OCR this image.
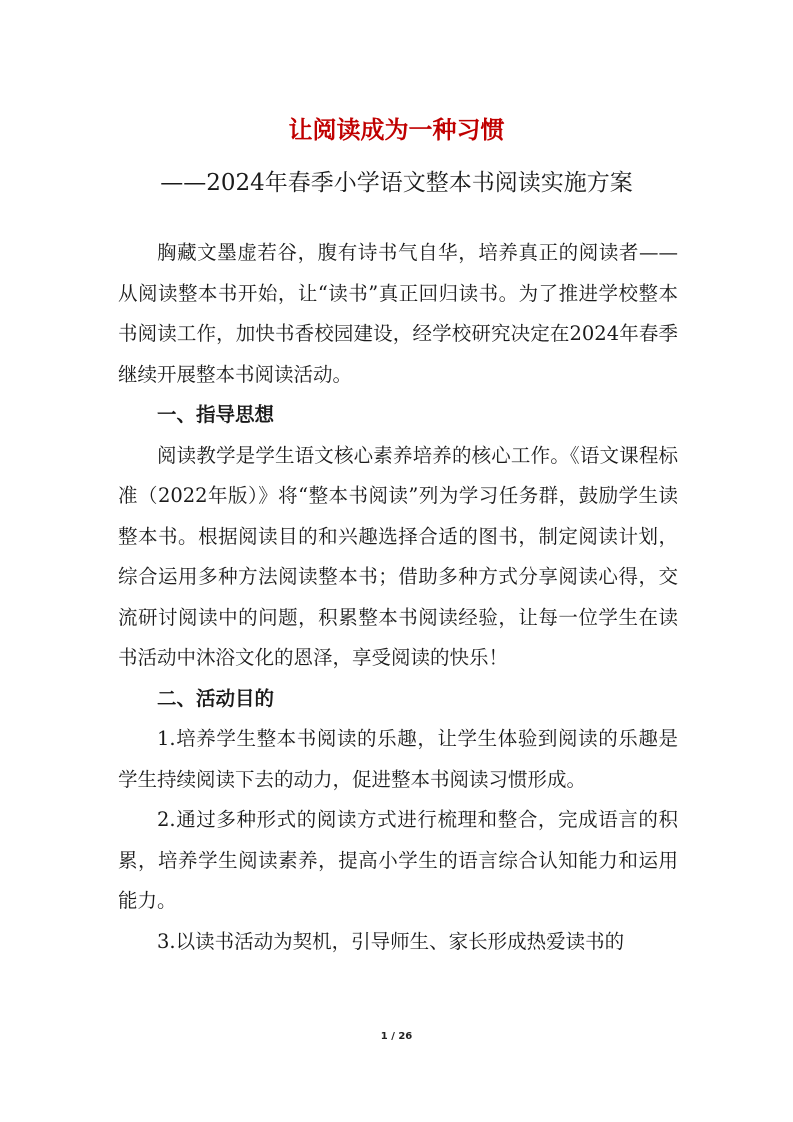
让阅读成为一种习惯
——2024年春季小学语文整本书阅读实施方案

胸藏文墨虚若谷，腹有诗书气自华，培养真正的阅读者——从阅读整本书开始，让“读书”真正回归读书。为了推进学校整本书阅读工作，加快书香校园建设，经学校研究决定在2024年春季继续开展整本书阅读活动。

一、指导思想

阅读教学是学生语文核心素养培养的核心工作。《语文课程标准（2022年版）》将“整本书阅读”列为学习任务群，鼓励学生读整本书。根据阅读目的和兴趣选择合适的图书，制定阅读计划，综合运用多种方法阅读整本书；借助多种方式分享阅读心得，交流研讨阅读中的问题，积累整本书阅读经验，让每一位学生在读书活动中沐浴文化的恩泽，享受阅读的快乐！

二、活动目的

1.培养学生整本书阅读的乐趣，让学生体验到阅读的乐趣是学生持续阅读下去的动力，促进整本书阅读习惯形成。

2.通过多种形式的阅读方式进行梳理和整合，完成语言的积累，培养学生阅读素养，提高小学生的语言综合认知能力和运用能力。

3.以读书活动为契机，引导师生、家长形成热爱读书的

1 / 26
